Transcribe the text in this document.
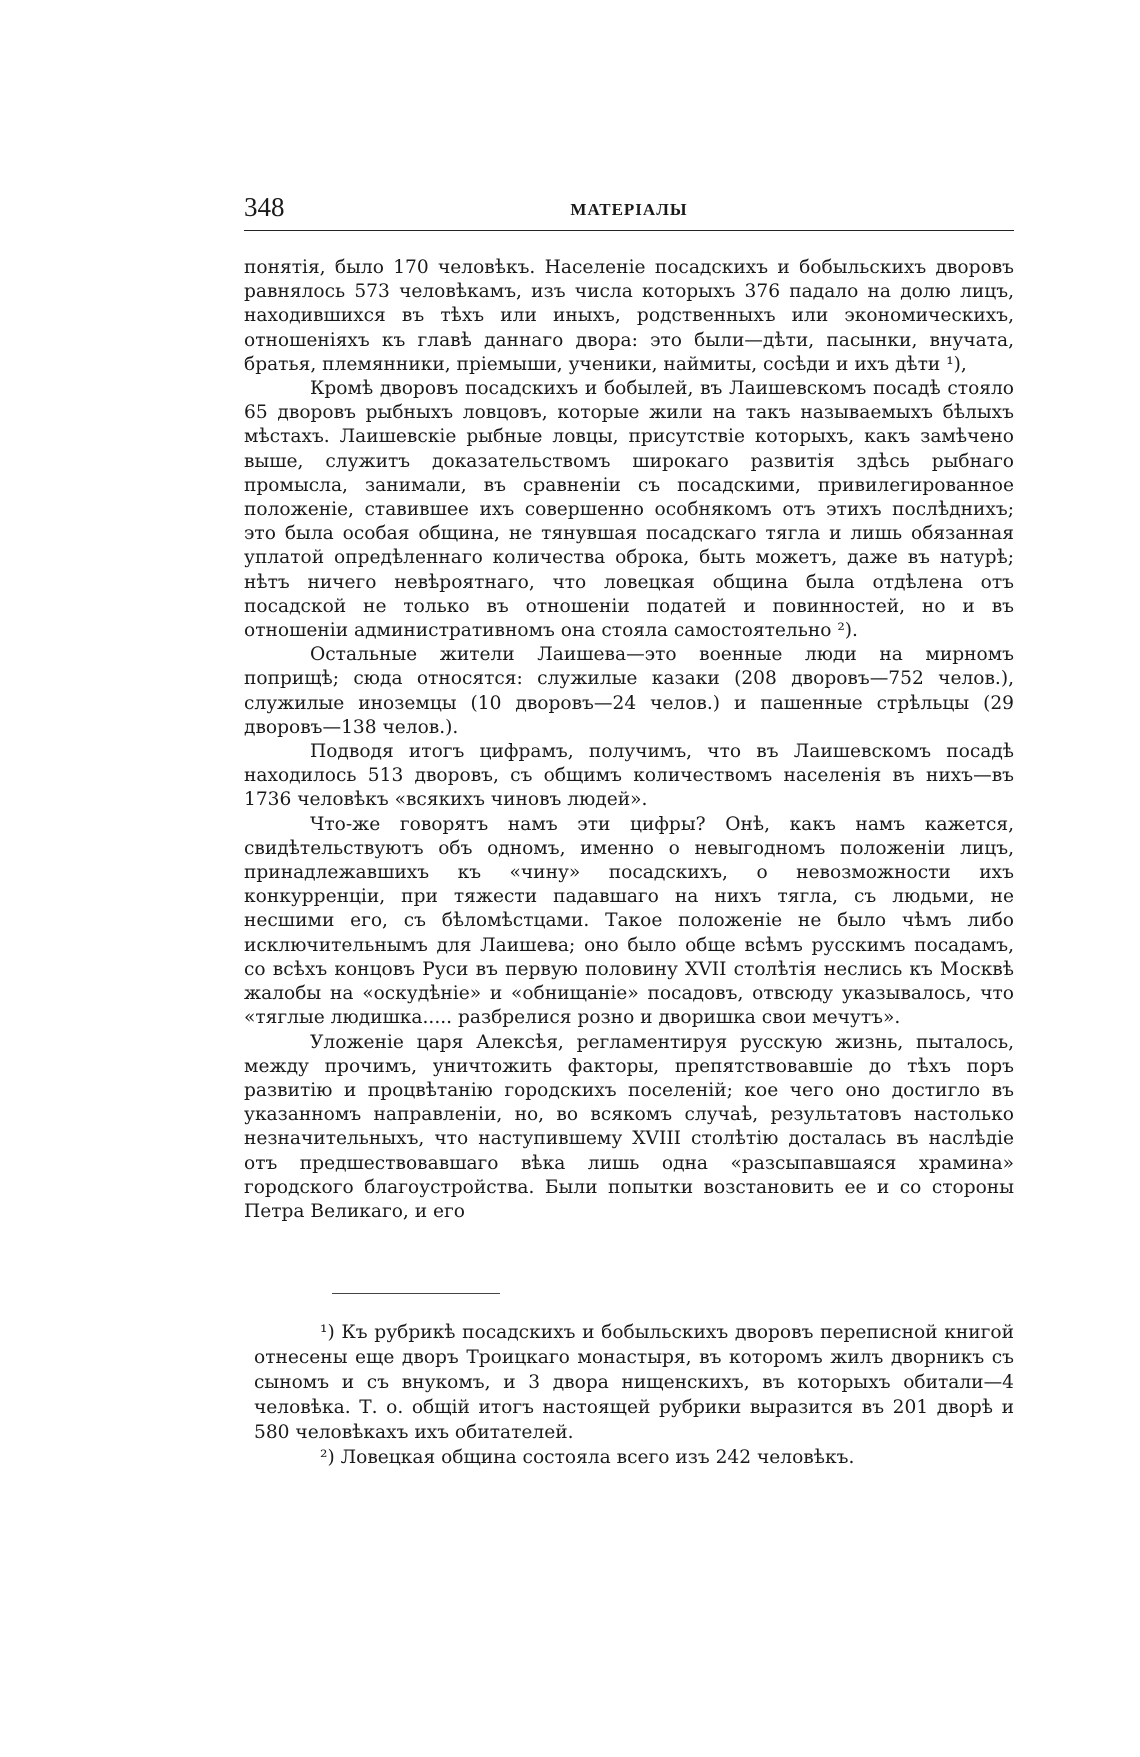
348	МАТЕРІАЛЫ

понятія, было 170 человѣкъ. Населеніе посадскихъ и бобыльскихъ дворовъ равнялось 573 человѣкамъ, изъ числа которыхъ 376 падало на долю лицъ, находившихся въ тѣхъ или иныхъ, родственныхъ или экономическихъ, отношеніяхъ къ главѣ даннаго двора: это были—дѣти, пасынки, внучата, братья, племянники, пріемыши, ученики, наймиты, сосѣди и ихъ дѣти ¹),

Кромѣ дворовъ посадскихъ и бобылей, въ Лаишевскомъ посадѣ стояло 65 дворовъ рыбныхъ ловцовъ, которые жили на такъ называемыхъ бѣлыхъ мѣстахъ. Лаишевскіе рыбные ловцы, присутствіе которыхъ, какъ замѣчено выше, служитъ доказательствомъ широкаго развитія здѣсь рыбнаго промысла, занимали, въ сравненіи съ посадскими, привилегированное положеніе, ставившее ихъ совершенно особнякомъ отъ этихъ послѣднихъ; это была особая община, не тянувшая посадскаго тягла и лишь обязанная уплатой опредѣленнаго количества оброка, быть можетъ, даже въ натурѣ; нѣтъ ничего невѣроятнаго, что ловецкая община была отдѣлена отъ посадской не только въ отношеніи податей и повинностей, но и въ отношеніи административномъ она стояла самостоятельно ²).

Остальные жители Лаишева—это военные люди на мирномъ поприщѣ; сюда относятся: служилые казаки (208 дворовъ—752 челов.), служилые иноземцы (10 дворовъ—24 челов.) и пашенные стрѣльцы (29 дворовъ—138 челов.).

Подводя итогъ цифрамъ, получимъ, что въ Лаишевскомъ посадѣ находилось 513 дворовъ, съ общимъ количествомъ населенія въ нихъ—въ 1736 человѣкъ «всякихъ чиновъ людей».

Что-же говорятъ намъ эти цифры? Онѣ, какъ намъ кажется, свидѣтельствуютъ объ одномъ, именно о невыгодномъ положеніи лицъ, принадлежавшихъ къ «чину» посадскихъ, о невозможности ихъ конкурренціи, при тяжести падавшаго на нихъ тягла, съ людьми, не несшими его, съ бѣломѣстцами. Такое положеніе не было чѣмъ либо исключительнымъ для Лаишева; оно было обще всѣмъ русскимъ посадамъ, со всѣхъ концовъ Руси въ первую половину XVII столѣтія неслись къ Москвѣ жалобы на «оскудѣніе» и «обнищаніе» посадовъ, отвсюду указывалось, что «тяглые людишка..... разбрелися розно и дворишка свои мечутъ».

Уложеніе царя Алексѣя, регламентируя русскую жизнь, пыталось, между прочимъ, уничтожить факторы, препятствовавшіе до тѣхъ поръ развитію и процвѣтанію городскихъ поселеній; кое чего оно достигло въ указанномъ направленіи, но, во всякомъ случаѣ, результатовъ настолько незначительныхъ, что наступившему XVIII столѣтію досталась въ наслѣдіе отъ предшествовавшаго вѣка лишь одна «разсыпавшаяся храмина» городского благоустройства. Были попытки возстановить ее и со стороны Петра Великаго, и его

¹) Къ рубрикѣ посадскихъ и бобыльскихъ дворовъ переписной книгой отнесены еще дворъ Троицкаго монастыря, въ которомъ жилъ дворникъ съ сыномъ и съ внукомъ, и 3 двора нищенскихъ, въ которыхъ обитали—4 человѣка. Т. о. общій итогъ настоящей рубрики выразится въ 201 дворѣ и 580 человѣкахъ ихъ обитателей.

²) Ловецкая община состояла всего изъ 242 человѣкъ.
